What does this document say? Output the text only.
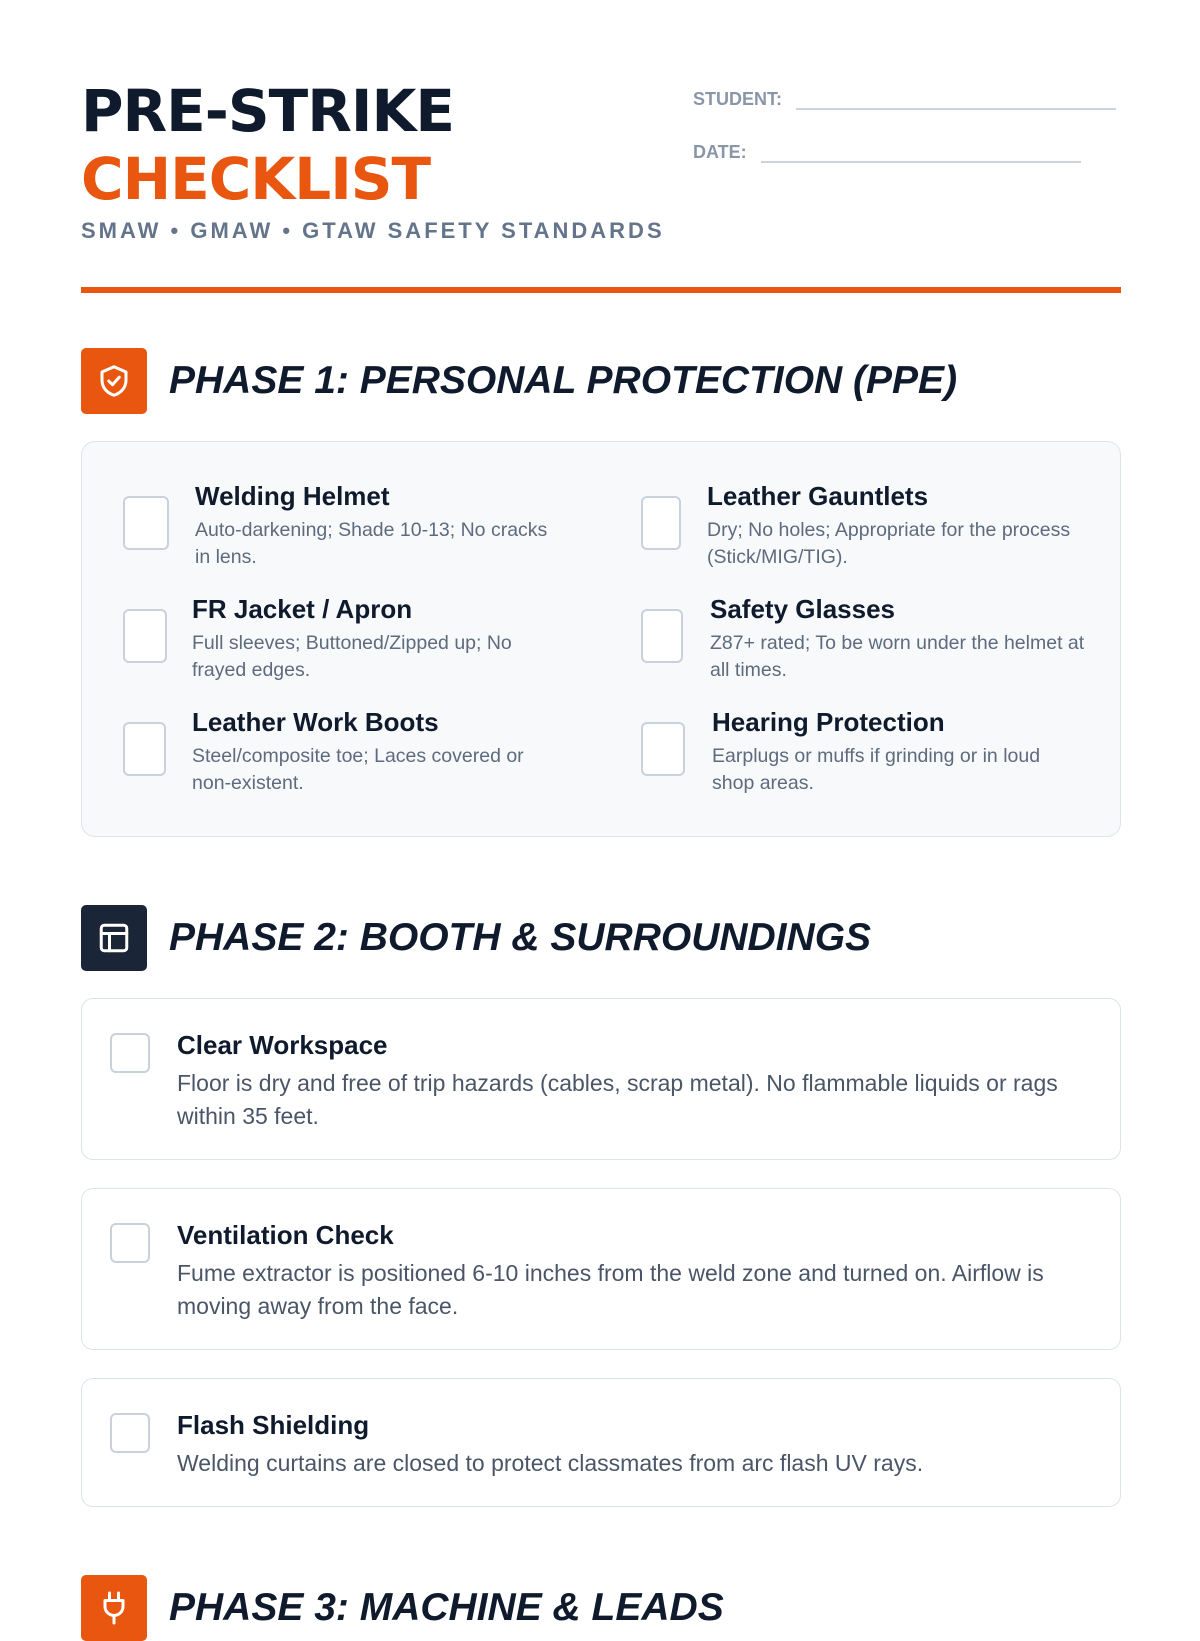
PRE-STRIKE
CHECKLIST
SMAW • GMAW • GTAW SAFETY STANDARDS
STUDENT:
DATE:
PHASE 1: PERSONAL PROTECTION (PPE)
Welding Helmet
Auto-darkening; Shade 10-13; No cracks in lens.
Leather Gauntlets
Dry; No holes; Appropriate for the process (Stick/MIG/TIG).
FR Jacket / Apron
Full sleeves; Buttoned/Zipped up; No frayed edges.
Safety Glasses
Z87+ rated; To be worn under the helmet at all times.
Leather Work Boots
Steel/composite toe; Laces covered or non-existent.
Hearing Protection
Earplugs or muffs if grinding or in loud shop areas.
PHASE 2: BOOTH & SURROUNDINGS
Clear Workspace
Floor is dry and free of trip hazards (cables, scrap metal). No flammable liquids or rags within 35 feet.
Ventilation Check
Fume extractor is positioned 6-10 inches from the weld zone and turned on. Airflow is moving away from the face.
Flash Shielding
Welding curtains are closed to protect classmates from arc flash UV rays.
PHASE 3: MACHINE & LEADS
